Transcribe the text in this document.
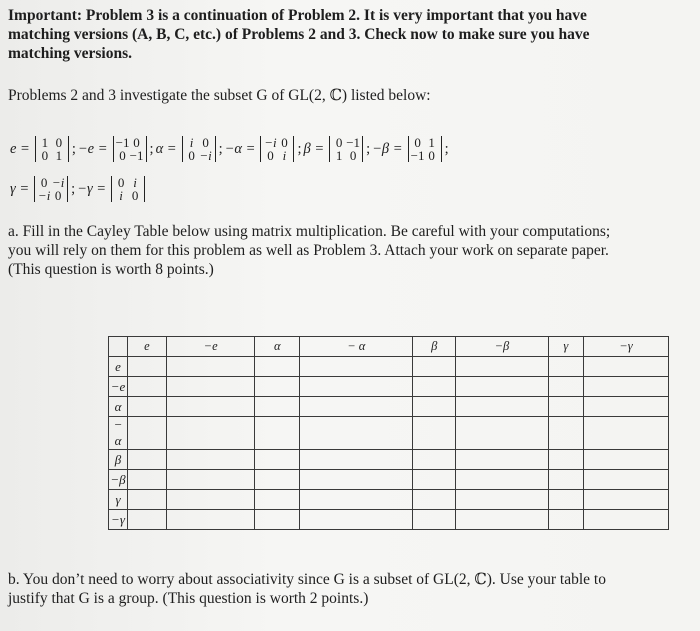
Important: Problem 3 is a continuation of Problem 2. It is very important that you have

matching versions (A, B, C, etc.) of Problems 2 and 3. Check now to make sure you have

matching versions.

Problems 2 and 3 investigate the subset G of GL(2, ℂ) listed below:

e = 1 0
0 1 ; −e = −1 0
0 −1 ; α =	i 0
0 −i ; −α = −i 0
0 i ; β = 0 −1
1 0 ; −β = 0 1
−1 0 ;
γ = 0 −i
−i 0 ; −γ = 0 i
i 0

a. Fill in the Cayley Table below using matrix multiplication. Be careful with your computations;

you will rely on them for this problem as well as Problem 3. Attach your work on separate paper.

(This question is worth 8 points.)

	e	−e	α	− α	β	−β	γ	−γ
e								
−e								
α								
− α								
β								
−β								
γ								
−γ								

b. You don’t need to worry about associativity since G is a subset of GL(2, ℂ). Use your table to

justify that G is a group. (This question is worth 2 points.)
